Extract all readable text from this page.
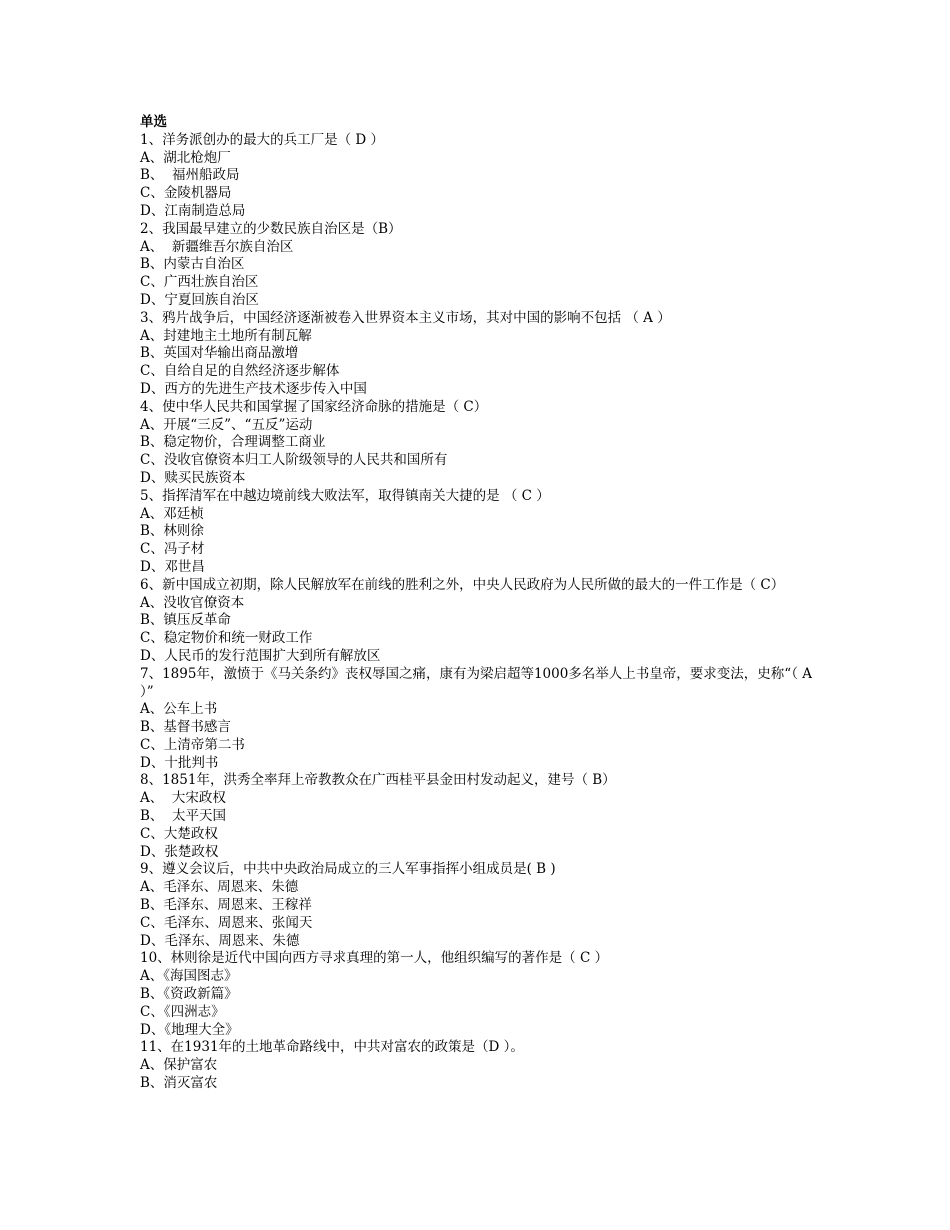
单选
1、洋务派创办的最大的兵工厂是（ D ）
A、湖北枪炮厂
B、  福州船政局
C、金陵机器局
D、江南制造总局
2、我国最早建立的少数民族自治区是（B）
A、  新疆维吾尔族自治区
B、内蒙古自治区
C、广西壮族自治区
D、宁夏回族自治区
3、鸦片战争后，中国经济逐渐被卷入世界资本主义市场，其对中国的影响不包括 （ A ）
A、封建地主土地所有制瓦解
B、英国对华输出商品激增
C、自给自足的自然经济逐步解体
D、西方的先进生产技术逐步传入中国
4、使中华人民共和国掌握了国家经济命脉的措施是（ C）
A、开展“三反”、“五反”运动
B、稳定物价，合理调整工商业
C、没收官僚资本归工人阶级领导的人民共和国所有
D、赎买民族资本
5、指挥清军在中越边境前线大败法军，取得镇南关大捷的是 （ C ）
A、邓廷桢
B、林则徐
C、冯子材
D、邓世昌
6、新中国成立初期，除人民解放军在前线的胜利之外，中央人民政府为人民所做的最大的一件工作是（ C）
A、没收官僚资本
B、镇压反革命
C、稳定物价和统一财政工作
D、人民币的发行范围扩大到所有解放区
7、1895年，激愤于《马关条约》丧权辱国之痛，康有为梁启超等1000多名举人上书皇帝，要求变法，史称“（ A ）”
A、公车上书
B、基督书感言
C、上清帝第二书
D、十批判书
8、1851年，洪秀全率拜上帝教教众在广西桂平县金田村发动起义，建号（ B）
A、  大宋政权
B、  太平天国
C、大楚政权
D、张楚政权
9、遵义会议后，中共中央政治局成立的三人军事指挥小组成员是( B )
A、毛泽东、周恩来、朱德
B、毛泽东、周恩来、王稼祥
C、毛泽东、周恩来、张闻天
D、毛泽东、周恩来、朱德
10、林则徐是近代中国向西方寻求真理的第一人，他组织编写的著作是（ C ）
A、《海国图志》
B、《资政新篇》
C、《四洲志》
D、《地理大全》
11、在1931年的土地革命路线中，中共对富农的政策是（D ）。
A、保护富农
B、消灭富农
